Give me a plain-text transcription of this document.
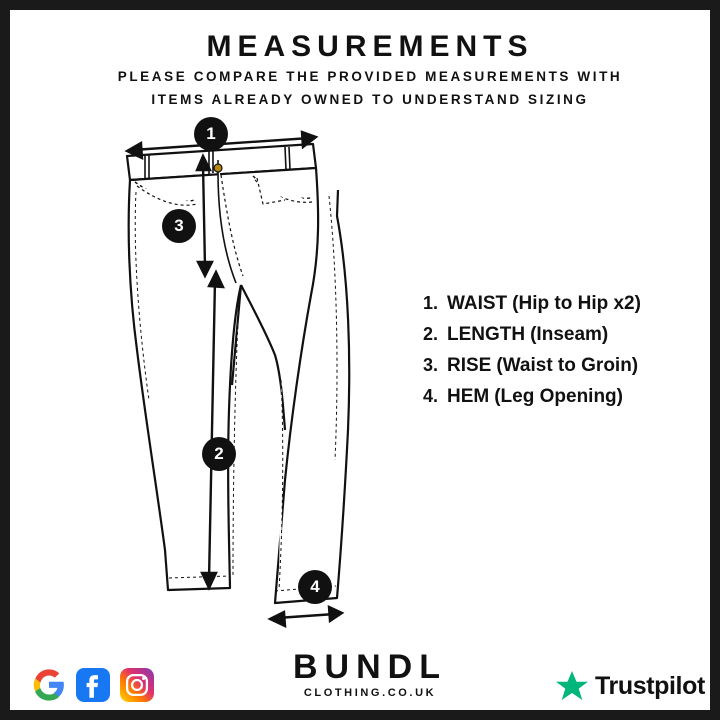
MEASUREMENTS
PLEASE COMPARE THE PROVIDED MEASUREMENTS WITH
ITEMS ALREADY OWNED TO UNDERSTAND SIZING
1
2
3
4
1. WAIST (Hip to Hip x2)
2. LENGTH (Inseam)
3. RISE (Waist to Groin)
4. HEM (Leg Opening)
BUNDL
CLOTHING.CO.UK	Trustpilot
